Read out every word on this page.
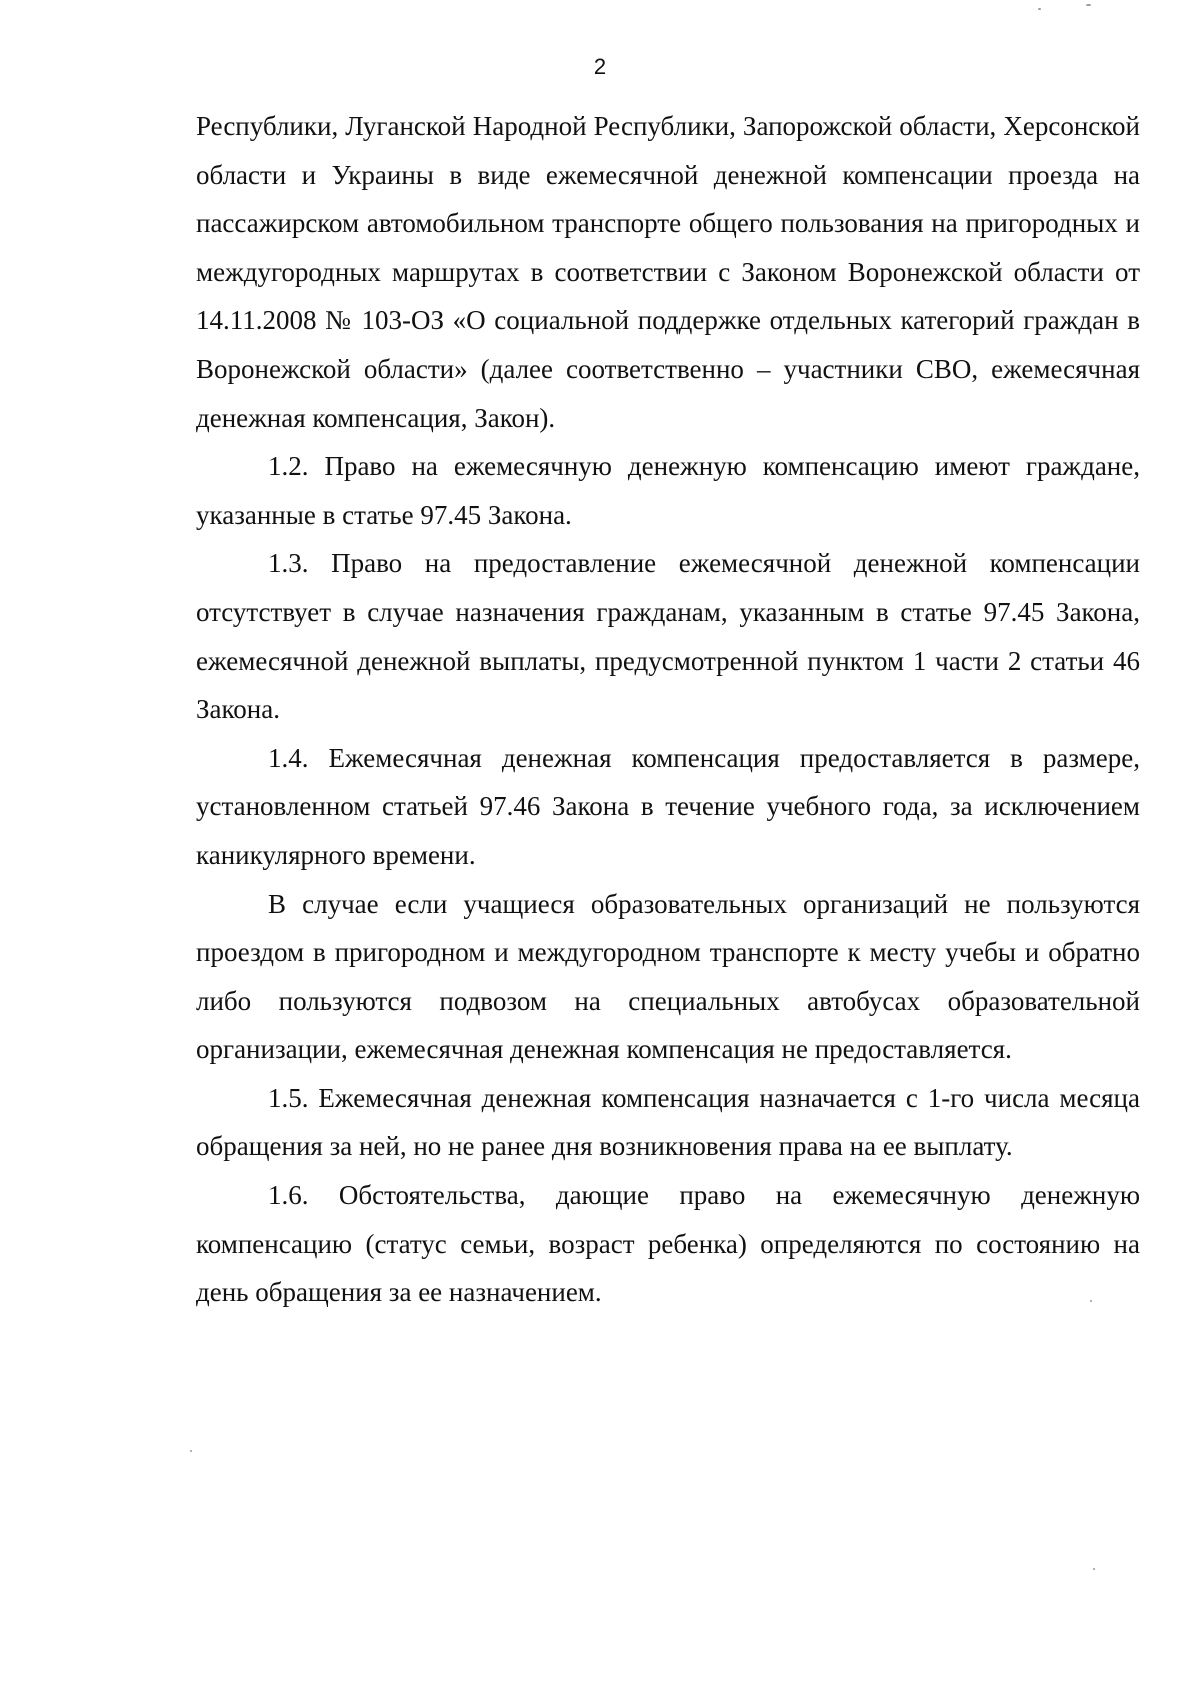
2

Республики, Луганской Народной Республики, Запорожской области, Херсонской области и Украины в виде ежемесячной денежной компенсации проезда на пассажирском автомобильном транспорте общего пользования на пригородных и междугородных маршрутах в соответствии с Законом Воронежской области от 14.11.2008 № 103-ОЗ «О социальной поддержке отдельных категорий граждан в Воронежской области» (далее соответственно – участники СВО, ежемесячная денежная компенсация, Закон).

1.2. Право на ежемесячную денежную компенсацию имеют граждане, указанные в статье 97.45 Закона.

1.3. Право на предоставление ежемесячной денежной компенсации отсутствует в случае назначения гражданам, указанным в статье 97.45 Закона, ежемесячной денежной выплаты, предусмотренной пунктом 1 части 2 статьи 46 Закона.

1.4. Ежемесячная денежная компенсация предоставляется в размере, установленном статьей 97.46 Закона в течение учебного года, за исключением каникулярного времени.

В случае если учащиеся образовательных организаций не пользуются проездом в пригородном и междугородном транспорте к месту учебы и обратно либо пользуются подвозом на специальных автобусах образовательной организации, ежемесячная денежная компенсация не предоставляется.

1.5. Ежемесячная денежная компенсация назначается с 1-го числа месяца обращения за ней, но не ранее дня возникновения права на ее выплату.

1.6. Обстоятельства, дающие право на ежемесячную денежную компенсацию (статус семьи, возраст ребенка) определяются по состоянию на день обращения за ее назначением.
